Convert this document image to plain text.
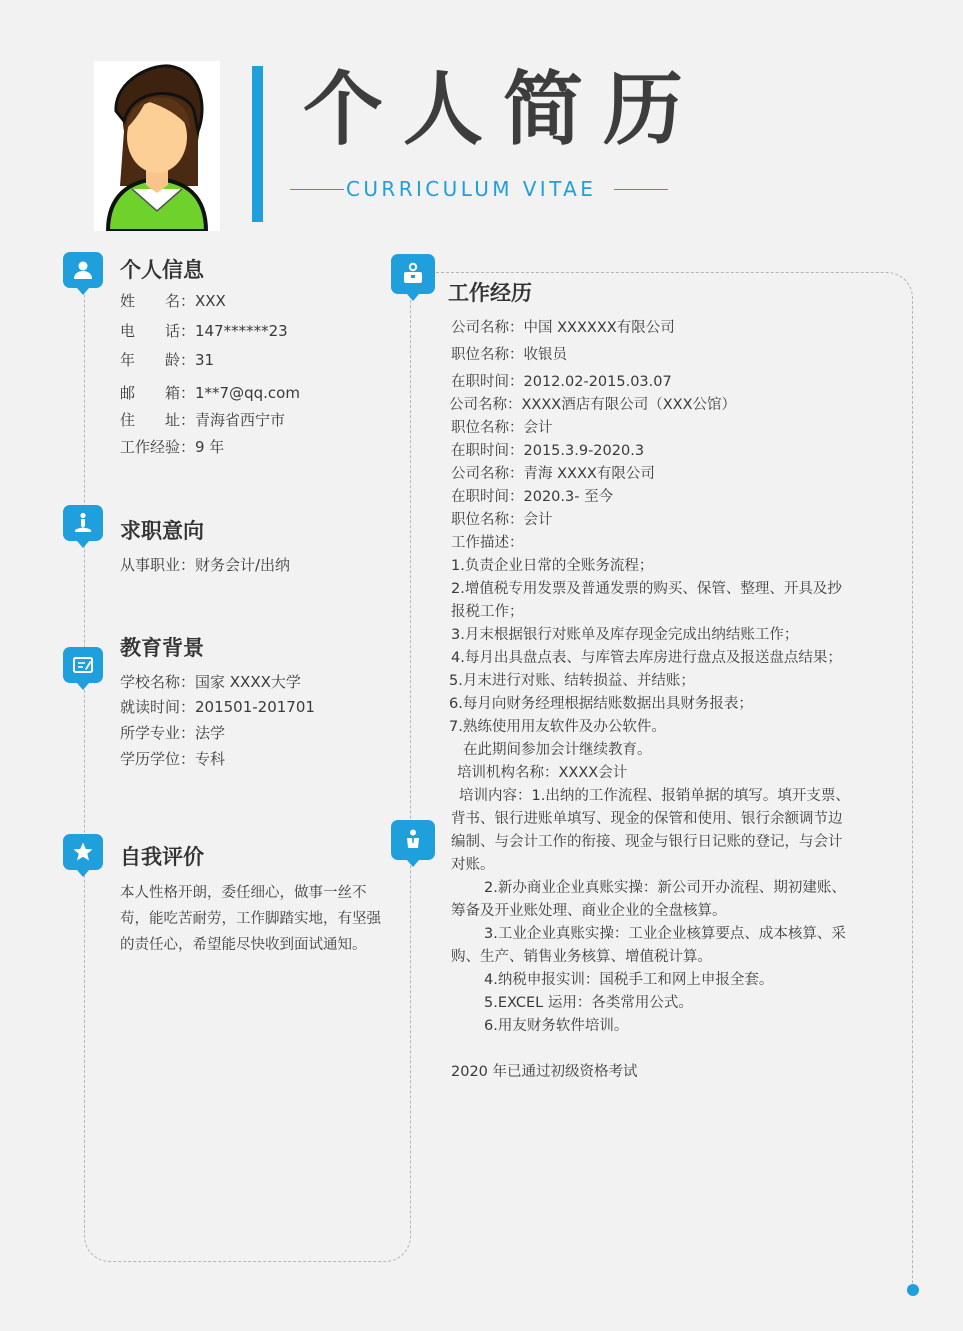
个人简历
CURRICULUM VITAE
个人信息
姓　　名：XXX
电　　话：147******23
年　　龄：31
邮　　箱：1**7@qq.com
住　　址：青海省西宁市
工作经验：9 年
求职意向
从事职业：财务会计/出纳
教育背景
学校名称：国家 XXXX大学
就读时间：201501-201701
所学专业：法学
学历学位：专科
自我评价
本人性格开朗，委任细心，做事一丝不
苟，能吃苦耐劳，工作脚踏实地，有坚强
的责任心，希望能尽快收到面试通知。
工作经历
公司名称：中国 XXXXXX有限公司
职位名称：收银员
在职时间：2012.02-2015.03.07
公司名称：XXXX酒店有限公司（XXX公馆）
职位名称：会计
在职时间：2015.3.9-2020.3
公司名称：青海 XXXX有限公司
在职时间：2020.3- 至今
职位名称：会计
工作描述：
1.负责企业日常的全账务流程；
2.增值税专用发票及普通发票的购买、保管、整理、开具及抄
报税工作；
3.月末根据银行对账单及库存现金完成出纳结账工作；
4.每月出具盘点表、与库管去库房进行盘点及报送盘点结果；
5.月末进行对账、结转损益、并结账；
6.每月向财务经理根据结账数据出具财务报表；
7.熟练使用用友软件及办公软件。
在此期间参加会计继续教育。
培训机构名称：XXXX会计
培训内容：1.出纳的工作流程、报销单据的填写。填开支票、
背书、银行进账单填写、现金的保管和使用、银行余额调节边
编制、与会计工作的衔接、现金与银行日记账的登记，与会计
对账。
2.新办商业企业真账实操：新公司开办流程、期初建账、
筹备及开业账处理、商业企业的全盘核算。
3.工业企业真账实操：工业企业核算要点、成本核算、采
购、生产、销售业务核算、增值税计算。
4.纳税申报实训：国税手工和网上申报全套。
5.EXCEL 运用：各类常用公式。
6.用友财务软件培训。
2020 年已通过初级资格考试
